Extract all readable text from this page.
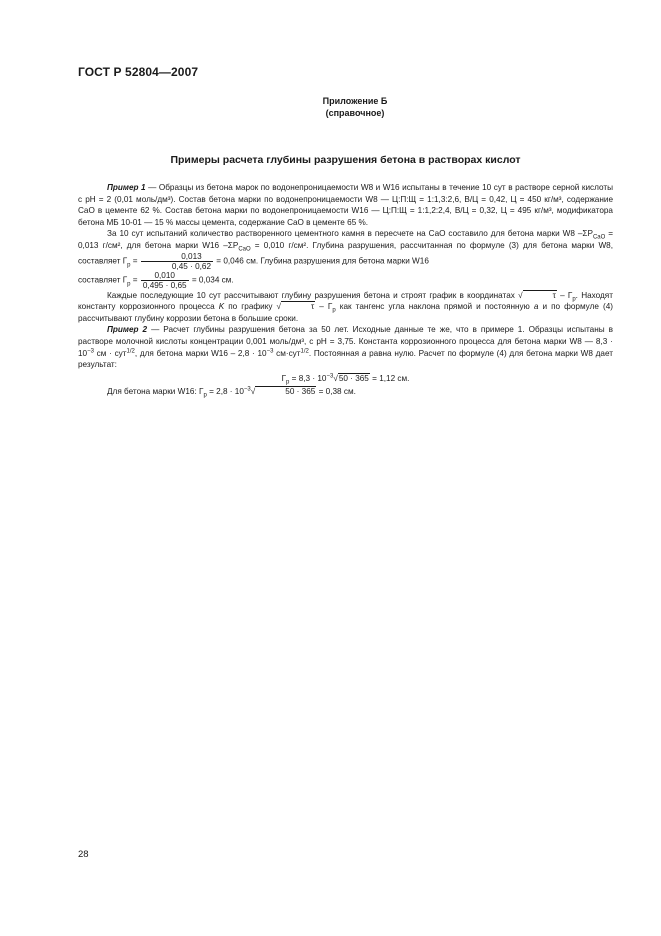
ГОСТ Р 52804—2007
Приложение Б
(справочное)
Примеры расчета глубины разрушения бетона в растворах кислот

Пример 1 — Образцы из бетона марок по водонепроницаемости W8 и W16 испытаны в течение 10 сут в растворе серной кислоты с pH = 2 (0,01 моль/дм³). Состав бетона марки по водонепроницаемости W8 — Ц:П:Щ = 1:1,3:2,6, В/Ц = 0,42, Ц = 450 кг/м³, содержание CaO в цементе 62 %. Состав бетона марки по водонепроницаемости W16 — Ц:П:Щ = 1:1,2:2,4, В/Ц = 0,32, Ц = 495 кг/м³, модификатора бетона МБ 10-01 — 15 % массы цемента, содержание CaO в цементе 65 %.

За 10 сут испытаний количество растворенного цементного камня в пересчете на CaO составило для бетона марки W8 $-\Sigma P_{CaO} = 0,013$ г/см², для бетона марки W16 $-\Sigma P_{CaO} = 0,010$ г/см². Глубина разрушения, рассчитанная по формуле (3) для бетона марки W8, составляет $Г_р = \frac{0,013}{0,45 \cdot 0,62} = 0,046$ см. Глубина разрушения для бетона марки W16

составляет $Г_р = \frac{0,010}{0,495 \cdot 0,65} = 0,034$ см.

Каждые последующие 10 сут рассчитывают глубину разрушения бетона и строят график в координатах √	τ – $Г_р$. Находят константу коррозионного процесса K по графику √	τ – $Г_р$ как тангенс угла наклона прямой и постоянную а и по формуле (4) рассчитывают глубину коррозии бетона в большие сроки.

Пример 2 — Расчет глубины разрушения бетона за 50 лет. Исходные данные те же, что в примере 1. Образцы испытаны в растворе молочной кислоты концентрации 0,001 моль/дм³, с pH = 3,75. Константа коррозионного процесса для бетона марки W8 — $8,3 \cdot 10^{-3}$ см · сут$^{1/2}$, для бетона марки $W16 - 2,8 \cdot 10^{-3}$ см·сут$^{1/2}$. Постоянная а равна нулю. Расчет по формуле (4) для бетона марки W8 дает результат:

$Г_р = 8,3 \cdot 10^{-3}√50 \cdot 365 = 1,12$ см.

Для бетона марки W16: $Г_р = 2,8 \cdot 10^{-3}√$	50 · 365 = 0,38 см.

28
